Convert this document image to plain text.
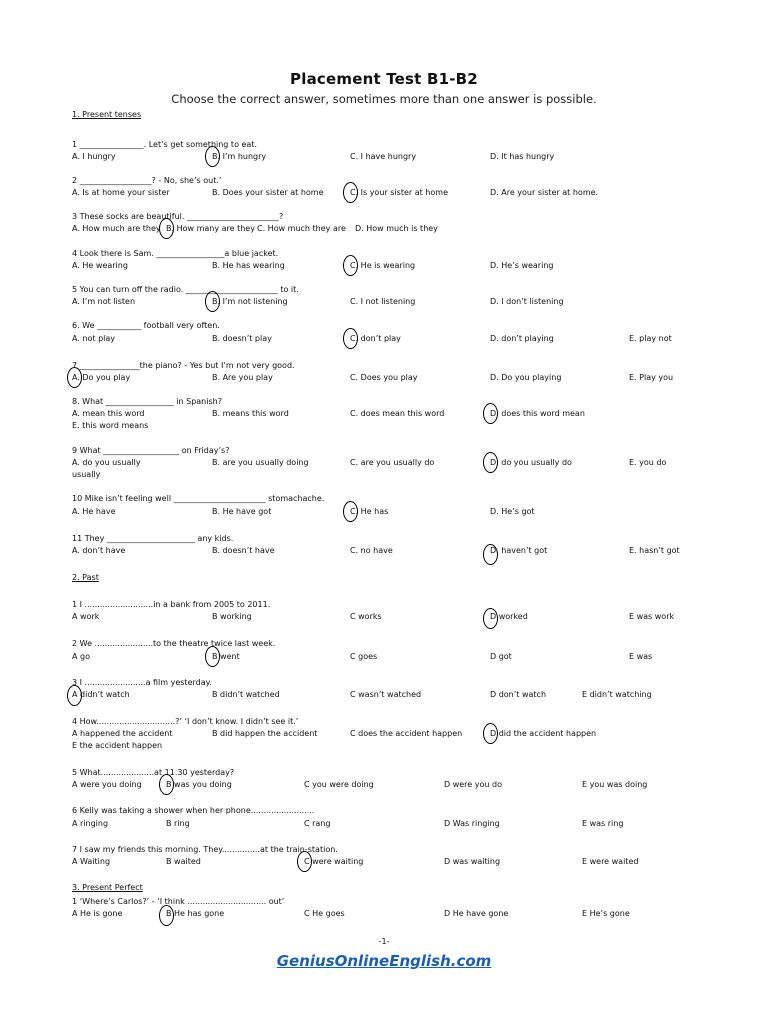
Placement Test B1-B2
Choose the correct answer, sometimes more than one answer is possible.
1. Present tenses
1 ________________. Let’s get something to eat.
A. I hungry	B. I’m hungry	C. I have hungry	D. It has hungry
2 __________________? - No, she’s out.’
A. Is at home your sister	B. Does your sister at home	C. Is your sister at home	D. Are your sister at home.
3 These socks are beautiful. _______________________?
A. How much are they B. How many are they C. How much they are D. How much is they
4 Look there is Sam. _________________a blue jacket.
A. He wearing	B. He has wearing	C. He is wearing	D. He’s wearing
5 You can turn off the radio. _______________________ to it.
A. I’m not listen	B. I’m not listening	C. I not listening	D. I don’t listening
6. We ___________ football very often.
A. not play	B. doesn’t play	C. don’t play	D. don’t playing	E. play not
7 _______________the piano? - Yes but I’m not very good.
A. Do you play	B. Are you play	C. Does you play	D. Do you playing	E. Play you
8. What _________________ in Spanish?
A. mean this word	B. means this word	C. does mean this word	D. does this word mean
E. this word means
9 What ___________________ on Friday’s?
A. do you usually	B. are you usually doing	C. are you usually do	D. do you usually do	E. you do
usually
10 Mike isn’t feeling well _______________________ stomachache.
A. He have	B. He have got	C. He has	D. He’s got
11 They ______________________ any kids.
A. don’t have	B. doesn’t have	C. no have	D. haven’t got	E. hasn’t got
2. Past
1 I ...........................in a bank from 2005 to 2011.
A work	B working	C works	D worked	E was work
2 We .......................to the theatre twice last week.
A go	B went	C goes	D got	E was
3 I ........................a film yesterday.
A didn’t watch	B didn’t watched	C wasn’t watched	D don’t watch	E didn’t watching
4 How...............................?’ ‘I don’t know. I didn’t see it.’
A happened the accident	B did happen the accident	C does the accident happen	D did the accident happen
E the accident happen
5 What.....................at 11.30 yesterday?
A were you doing	B was you doing	C you were doing	D were you do	E you was doing
6 Kelly was taking a shower when her phone.........................
A ringing	B ring	C rang	D Was ringing	E was ring
7 I saw my friends this morning. They...............at the train-station.
A Waiting	B waited	C were waiting	D was waiting	E were waited
3. Present Perfect
1 ‘Where’s Carlos?’ - ‘I think ............................... out’
A He is gone	B He has gone	C He goes	D He have gone	E He’s gone
-1-
GeniusOnlineEnglish.com
